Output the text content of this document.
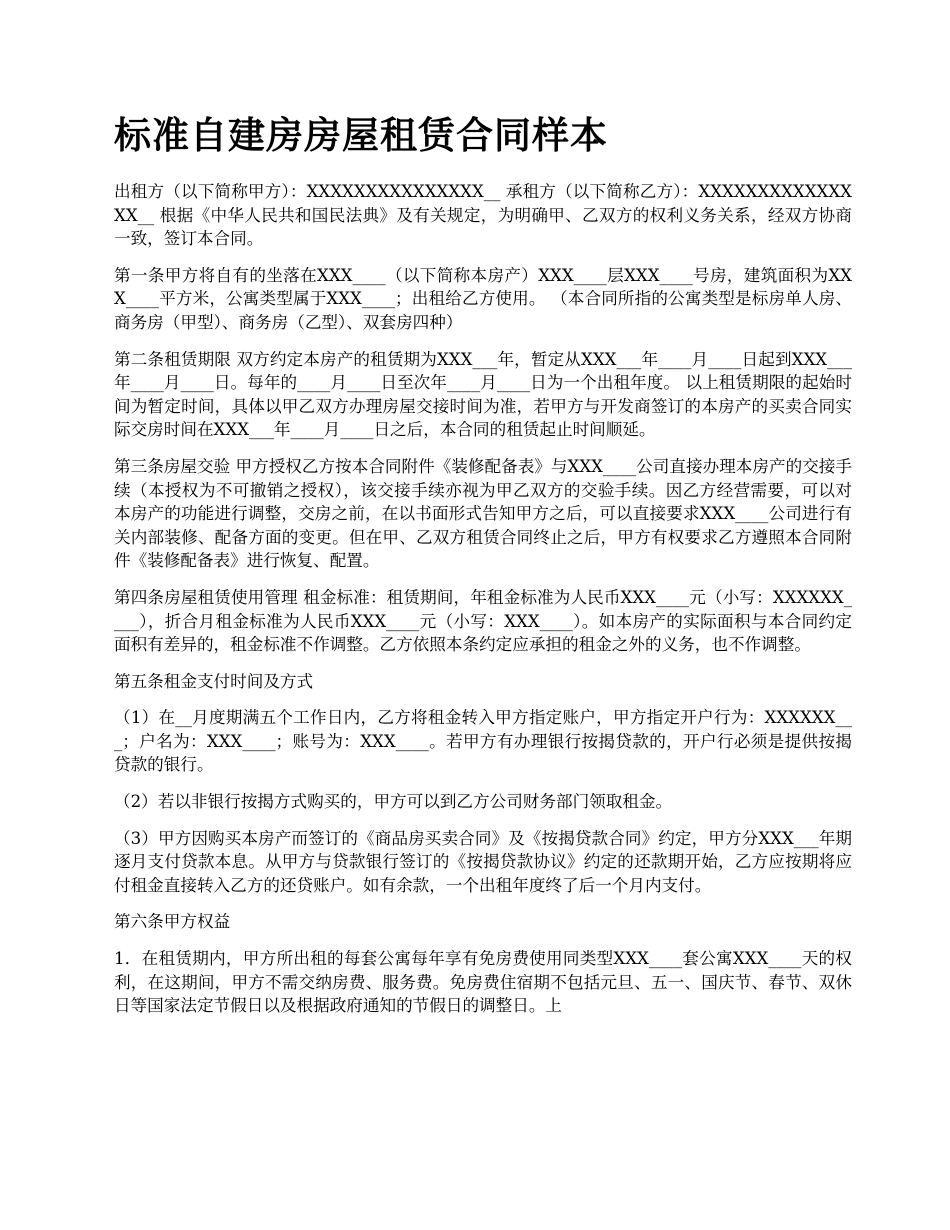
标准自建房房屋租赁合同样本

出租方（以下简称甲方）：XXXXXXXXXXXXXXX__ 承租方（以下简称乙方）：XXXXXXXXXXXXXXX__ 根据《中华人民共和国民法典》及有关规定，为明确甲、乙双方的权利义务关系，经双方协商一致，签订本合同。

第一条甲方将自有的坐落在XXX____（以下简称本房产）XXX____层XXX____号房，建筑面积为XXX____平方米，公寓类型属于XXX____；出租给乙方使用。 （本合同所指的公寓类型是标房单人房、商务房（甲型）、商务房（乙型）、双套房四种）

第二条租赁期限 双方约定本房产的租赁期为XXX___年，暂定从XXX___年____月____日起到XXX___年____月____日。每年的____月____日至次年____月____日为一个出租年度。 以上租赁期限的起始时间为暂定时间，具体以甲乙双方办理房屋交接时间为准，若甲方与开发商签订的本房产的买卖合同实际交房时间在XXX___年____月____日之后，本合同的租赁起止时间顺延。

第三条房屋交验 甲方授权乙方按本合同附件《装修配备表》与XXX____公司直接办理本房产的交接手续（本授权为不可撤销之授权），该交接手续亦视为甲乙双方的交验手续。因乙方经营需要，可以对本房产的功能进行调整，交房之前，在以书面形式告知甲方之后，可以直接要求XXX____公司进行有关内部装修、配备方面的变更。但在甲、乙双方租赁合同终止之后，甲方有权要求乙方遵照本合同附件《装修配备表》进行恢复、配置。

第四条房屋租赁使用管理 租金标准：租赁期间，年租金标准为人民币XXX____元（小写：XXXXXX____），折合月租金标准为人民币XXX____元（小写：XXX____）。如本房产的实际面积与本合同约定面积有差异的，租金标准不作调整。乙方依照本条约定应承担的租金之外的义务，也不作调整。

第五条租金支付时间及方式

（1）在__月度期满五个工作日内，乙方将租金转入甲方指定账户，甲方指定开户行为：XXXXXX___；户名为：XXX____；账号为：XXX____。若甲方有办理银行按揭贷款的，开户行必须是提供按揭贷款的银行。

（2）若以非银行按揭方式购买的，甲方可以到乙方公司财务部门领取租金。

（3）甲方因购买本房产而签订的《商品房买卖合同》及《按揭贷款合同》约定，甲方分XXX___年期逐月支付贷款本息。从甲方与贷款银行签订的《按揭贷款协议》约定的还款期开始，乙方应按期将应付租金直接转入乙方的还贷账户。如有余款，一个出租年度终了后一个月内支付。

第六条甲方权益

1．在租赁期内，甲方所出租的每套公寓每年享有免房费使用同类型XXX____套公寓XXX____天的权利，在这期间，甲方不需交纳房费、服务费。免房费住宿期不包括元旦、五一、国庆节、春节、双休日等国家法定节假日以及根据政府通知的节假日的调整日。上
